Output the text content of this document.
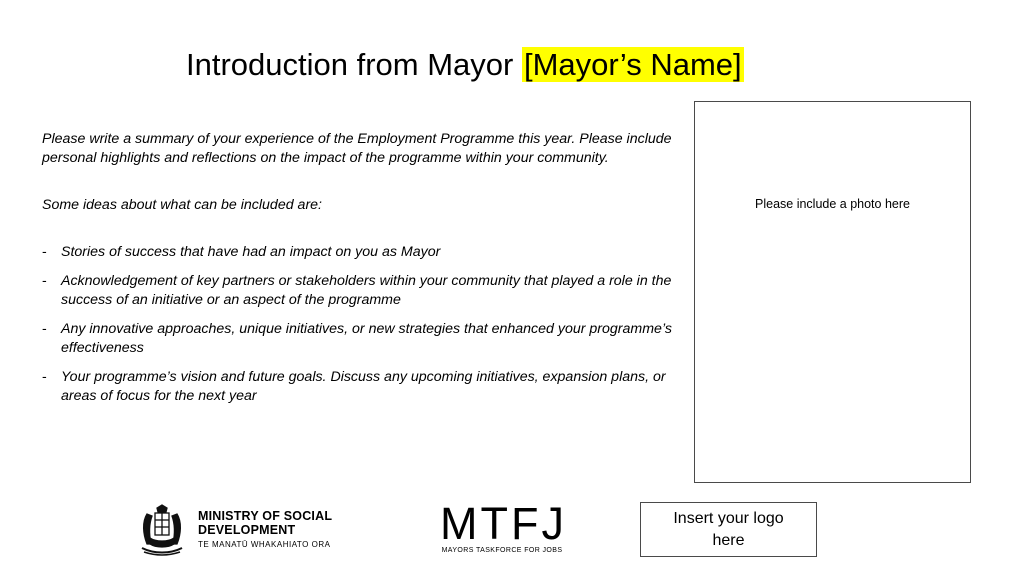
Introduction from Mayor [Mayor’s Name]

Please write a summary of your experience of the Employment Programme this year. Please include personal highlights and reflections on the impact of the programme within your community.

Some ideas about what can be included are:

- Stories of success that have had an impact on you as Mayor
- Acknowledgement of key partners or stakeholders within your community that played a role in the success of an initiative or an aspect of the programme
- Any innovative approaches, unique initiatives, or new strategies that enhanced your programme’s effectiveness
- Your programme’s vision and future goals. Discuss any upcoming initiatives, expansion plans, or areas of focus for the next year
Please include a photo here
MINISTRY OF SOCIAL
DEVELOPMENT
TE MANATŪ WHAKAHIATO ORA MTFJ
MAYORS TASKFORCE FOR JOBS
Insert your logo here
